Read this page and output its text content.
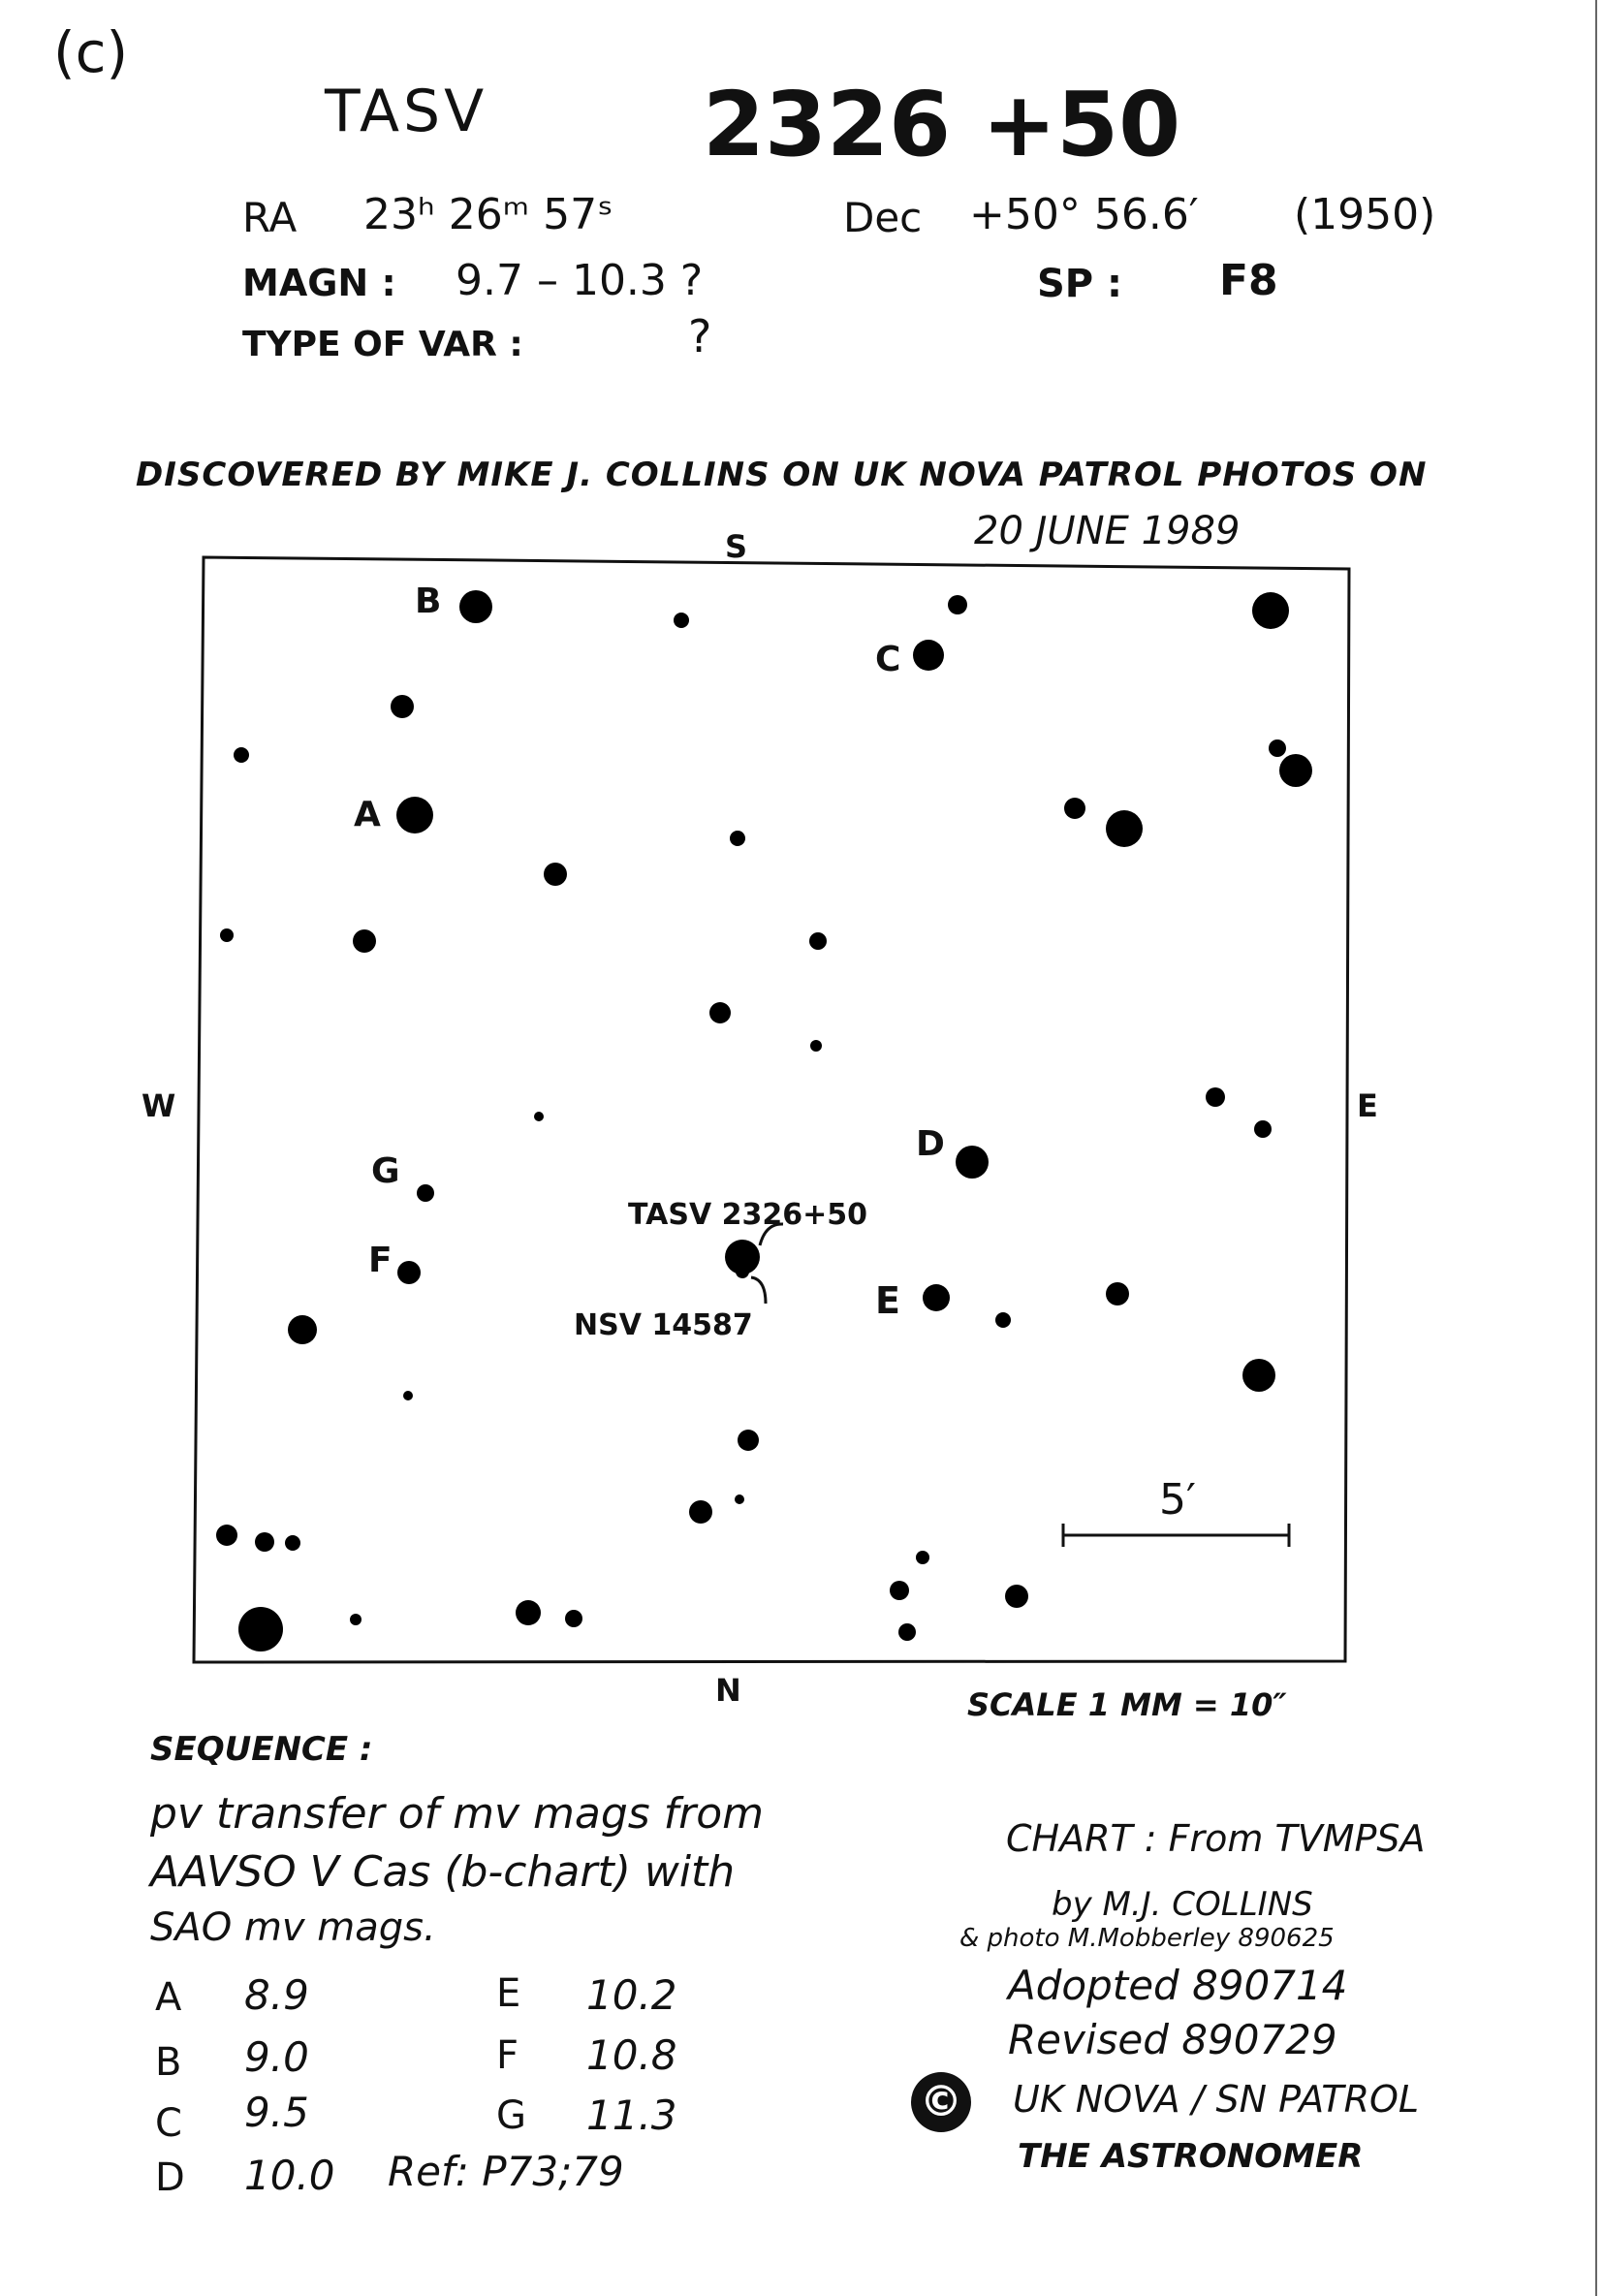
(c)
TASV 2326 +50
RA 23ʰ 26ᵐ 57ˢ	Dec +50° 56.6′ (1950)
MAGN : 9.7 – 10.3 ?	SP : F8
TYPE OF VAR :	?
DISCOVERED BY MIKE J. COLLINS ON UK NOVA PATROL PHOTOS ON
20 JUNE 1989
S
N
W	E
B
C
A
D
G
F
E
TASV 2326+50
NSV 14587
5′
SCALE 1 MM = 10″
SEQUENCE :
pv transfer of mv mags from
AAVSO V Cas (b-chart) with
SAO mv mags.
A 8.9
B 9.0
C 9.5
D 10.0
E 10.2
F 10.8
G 11.3
Ref: P73;79
CHART : From TVMPSA
by M.J. COLLINS
& photo M.Mobberley 890625
Adopted 890714
Revised 890729
© UK NOVA / SN PATROL
THE ASTRONOMER
